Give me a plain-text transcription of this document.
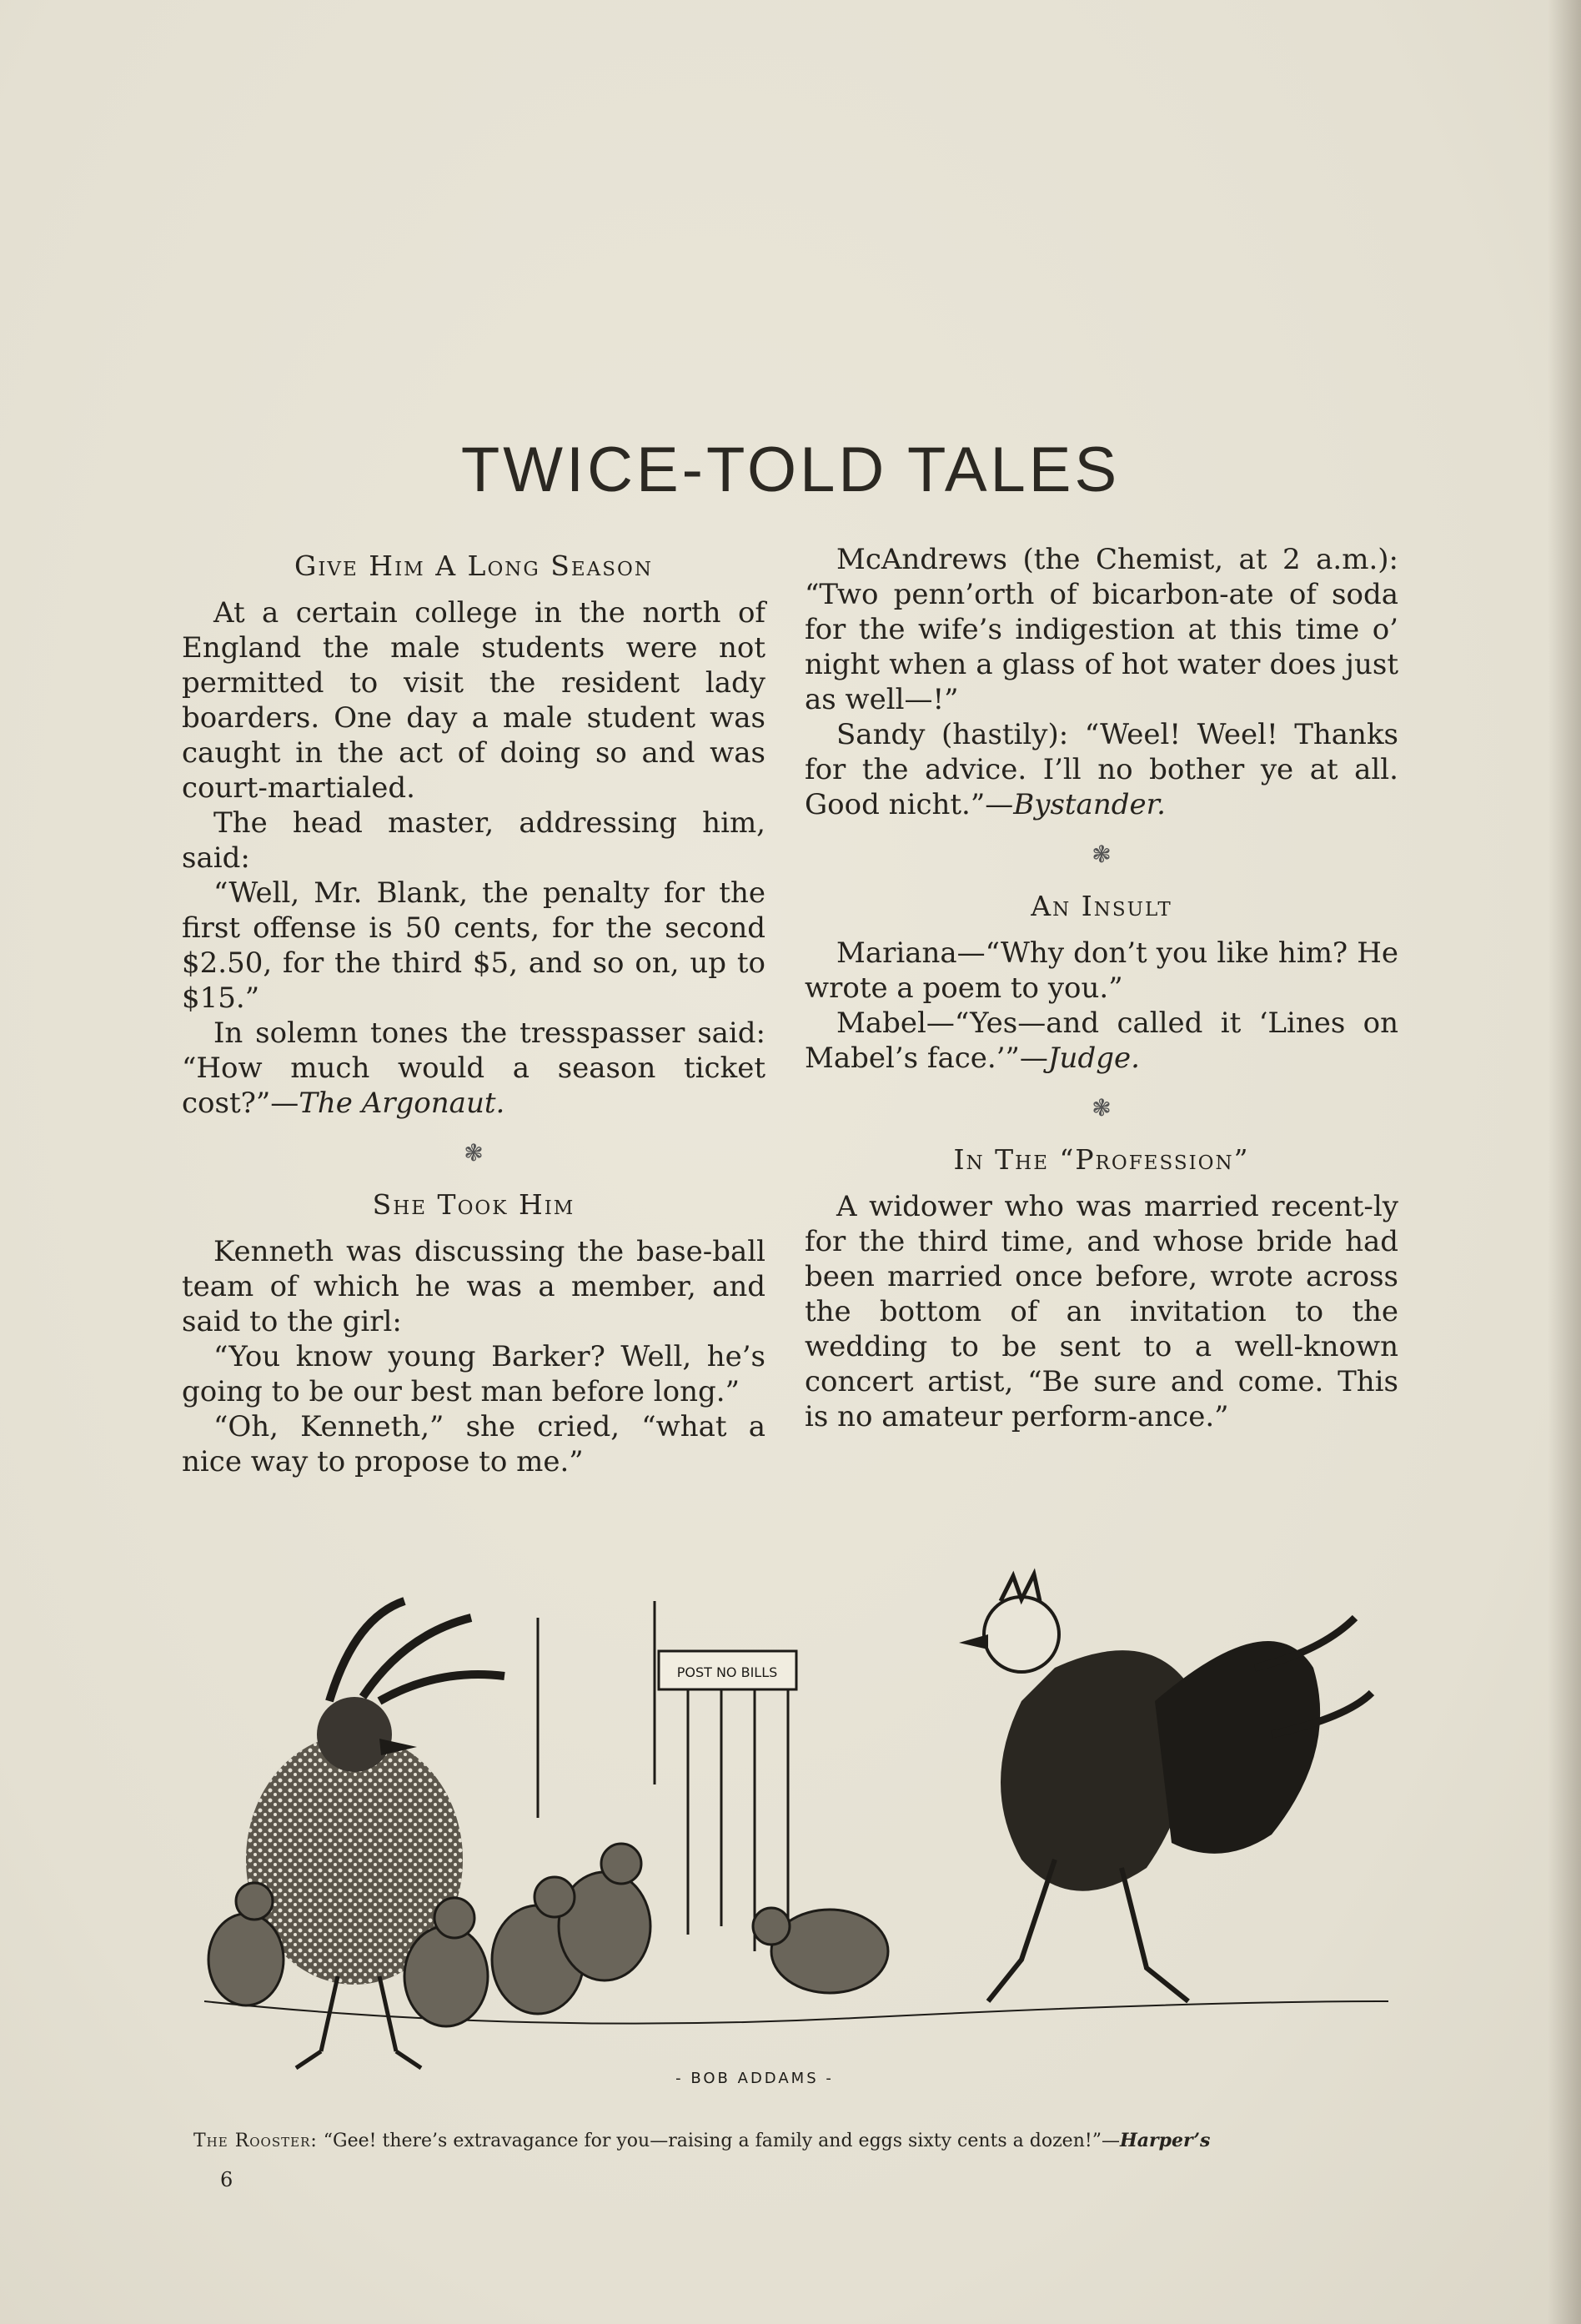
TWICE-TOLD TALES
Give Him A Long Season

At a certain college in the north of England the male students were not permitted to visit the resident lady boarders. One day a male student was caught in the act of doing so and was court-martialed.

The head master, addressing him, said:

“Well, Mr. Blank, the penalty for the first offense is 50 cents, for the second $2.50, for the third $5, and so on, up to $15.”

In solemn tones the tresspasser said: “How much would a season ticket cost?”—The Argonaut.

❃
She Took Him

Kenneth was discussing the base-ball team of which he was a member, and said to the girl:

“You know young Barker? Well, he’s going to be our best man before long.”

“Oh, Kenneth,” she cried, “what a nice way to propose to me.”

McAndrews (the Chemist, at 2 a.m.): “Two penn’orth of bicarbon-ate of soda for the wife’s indigestion at this time o’ night when a glass of hot water does just as well—!”

Sandy (hastily): “Weel! Weel! Thanks for the advice. I’ll no bother ye at all. Good nicht.”—Bystander.

❃
An Insult

Mariana—“Why don’t you like him? He wrote a poem to you.”

Mabel—“Yes—and called it ‘Lines on Mabel’s face.’”—Judge.

❃
In The “Profession”

A widower who was married recent-ly for the third time, and whose bride had been married once before, wrote across the bottom of an invitation to the wedding to be sent to a well-known concert artist, “Be sure and come. This is no amateur perform-ance.”

POST NO BILLS
- BOB ADDAMS -
The Rooster: “Gee! there’s extravagance for you—raising a family and eggs sixty cents a dozen!”—Harper’s
6
